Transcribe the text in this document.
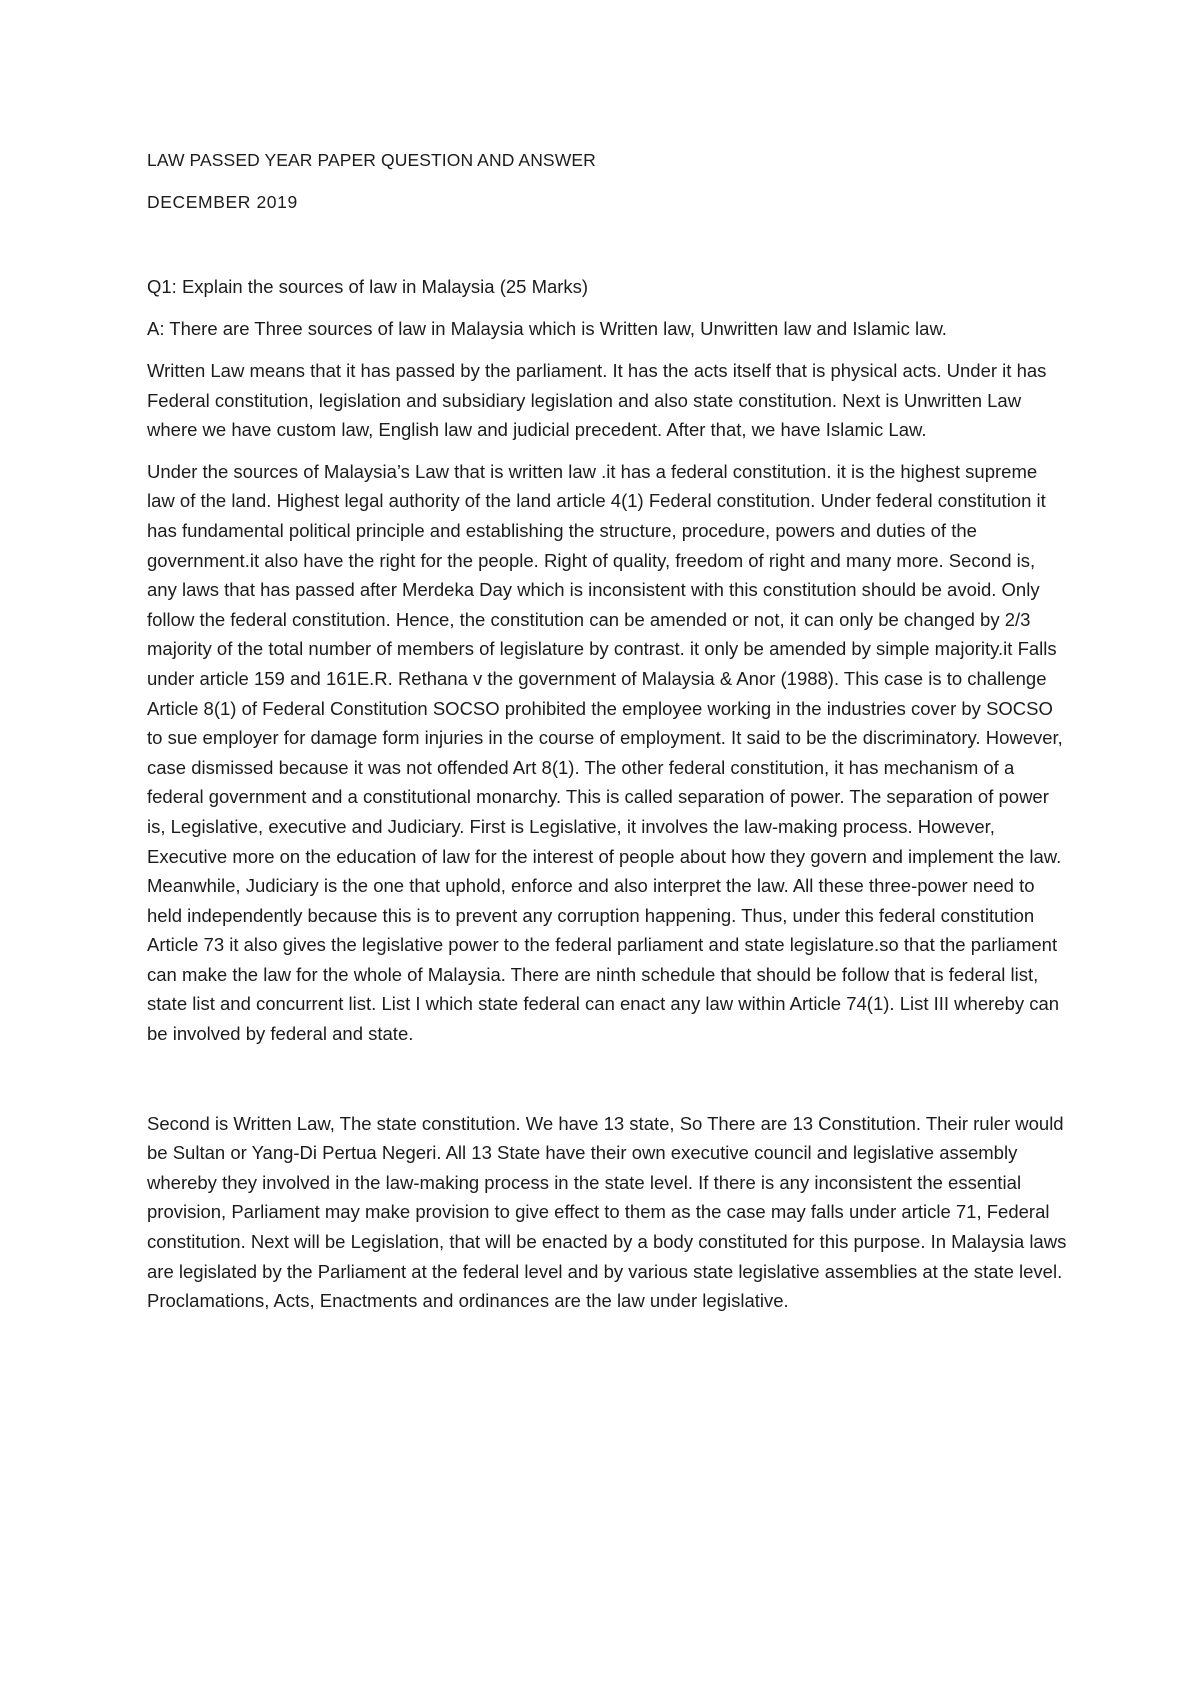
LAW PASSED YEAR PAPER QUESTION AND ANSWER

DECEMBER 2019

Q1: Explain the sources of law in Malaysia (25 Marks)

A: There are Three sources of law in Malaysia which is Written law, Unwritten law and Islamic law.

Written Law means that it has passed by the parliament. It has the acts itself that is physical acts. Under it has Federal constitution, legislation and subsidiary legislation and also state constitution. Next is Unwritten Law where we have custom law, English law and judicial precedent. After that, we have Islamic Law.

Under the sources of Malaysia’s Law that is written law .it has a federal constitution. it is the highest supreme law of the land. Highest legal authority of the land article 4(1) Federal constitution. Under federal constitution it has fundamental political principle and establishing the structure, procedure, powers and duties of the government.it also have the right for the people. Right of quality, freedom of right and many more. Second is, any laws that has passed after Merdeka Day which is inconsistent with this constitution should be avoid. Only follow the federal constitution. Hence, the constitution can be amended or not, it can only be changed by 2/3 majority of the total number of members of legislature by contrast. it only be amended by simple majority.it Falls under article 159 and 161E.R. Rethana v the government of Malaysia & Anor (1988). This case is to challenge Article 8(1) of Federal Constitution SOCSO prohibited the employee working in the industries cover by SOCSO to sue employer for damage form injuries in the course of employment. It said to be the discriminatory. However, case dismissed because it was not offended Art 8(1). The other federal constitution, it has mechanism of a federal government and a constitutional monarchy. This is called separation of power. The separation of power is, Legislative, executive and Judiciary. First is Legislative, it involves the law-making process. However, Executive more on the education of law for the interest of people about how they govern and implement the law. Meanwhile, Judiciary is the one that uphold, enforce and also interpret the law. All these three-power need to held independently because this is to prevent any corruption happening. Thus, under this federal constitution Article 73 it also gives the legislative power to the federal parliament and state legislature.so that the parliament can make the law for the whole of Malaysia. There are ninth schedule that should be follow that is federal list, state list and concurrent list. List I which state federal can enact any law within Article 74(1). List III whereby can be involved by federal and state.

Second is Written Law, The state constitution. We have 13 state, So There are 13 Constitution. Their ruler would be Sultan or Yang-Di Pertua Negeri. All 13 State have their own executive council and legislative assembly whereby they involved in the law-making process in the state level. If there is any inconsistent the essential provision, Parliament may make provision to give effect to them as the case may falls under article 71, Federal constitution. Next will be Legislation, that will be enacted by a body constituted for this purpose. In Malaysia laws are legislated by the Parliament at the federal level and by various state legislative assemblies at the state level. Proclamations, Acts, Enactments and ordinances are the law under legislative.
